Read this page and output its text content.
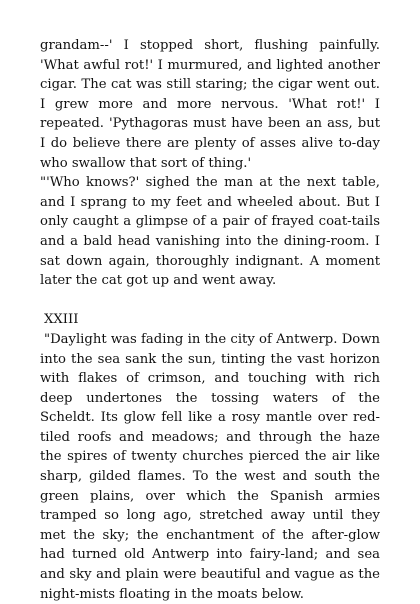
grandam--' I stopped short, flushing painfully. 'What awful rot!' I murmured, and lighted another cigar. The cat was still staring; the cigar went out. I grew more and more nervous. 'What rot!' I repeated. 'Pythagoras must have been an ass, but I do believe there are plenty of asses alive to-day who swallow that sort of thing.'

"'Who knows?' sighed the man at the next table, and I sprang to my feet and wheeled about. But I only caught a glimpse of a pair of frayed coat-tails and a bald head vanishing into the dining-room. I sat down again, thoroughly indignant. A moment later the cat got up and went away.

XXIII

"Daylight was fading in the city of Antwerp. Down into the sea sank the sun, tinting the vast horizon with flakes of crimson, and touching with rich deep undertones the tossing waters of the Scheldt. Its glow fell like a rosy mantle over red-tiled roofs and meadows; and through the haze the spires of twenty churches pierced the air like sharp, gilded flames. To the west and south the green plains, over which the Spanish armies tramped so long ago, stretched away until they met the sky; the enchantment of the after-glow had turned old Antwerp into fairy-land; and sea and sky and plain were beautiful and vague as the night-mists floating in the moats below.
